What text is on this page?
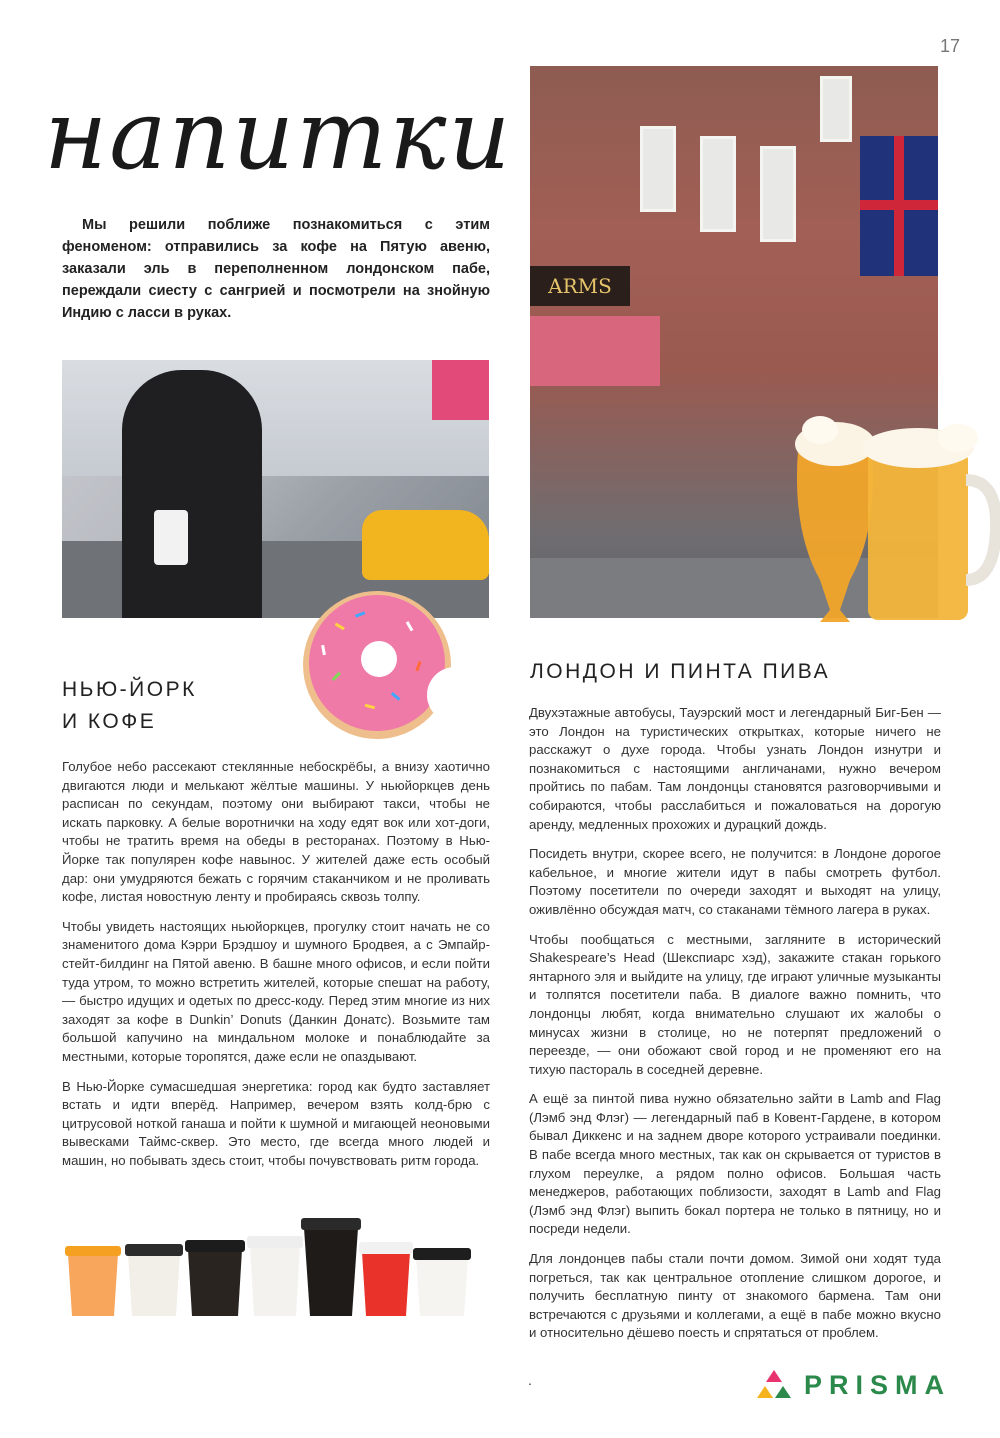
17
напитки

Мы решили поближе познакомиться с этим феноменом: отправились за кофе на Пятую авеню, заказали эль в переполненном лондонском пабе, переждали сиесту с сангрией и посмотрели на знойную Индию с ласси в руках.

ARMS
НЬЮ-ЙОРК
И КОФЕ

Голубое небо рассекают стеклянные небоскрёбы, а внизу хаотично двигаются люди и мелькают жёлтые машины. У ньюйоркцев день расписан по секундам, поэтому они выбирают такси, чтобы не искать парковку. А белые воротнички на ходу едят вок или хот-доги, чтобы не тратить время на обеды в ресторанах. Поэтому в Нью-Йорке так популярен кофе навынос. У жителей даже есть особый дар: они умудряются бежать с горячим стаканчиком и не проливать кофе, листая новостную ленту и пробираясь сквозь толпу.

Чтобы увидеть настоящих ньюйоркцев, прогулку стоит начать не со знаменитого дома Кэрри Брэдшоу и шумного Бродвея, а с Эмпайр-стейт-билдинг на Пятой авеню. В башне много офисов, и если пойти туда утром, то можно встретить жителей, которые спешат на работу, — быстро идущих и одетых по дресс-коду. Перед этим многие из них заходят за кофе в Dunkin’ Donuts (Данкин Донатс). Возьмите там большой капучино на миндальном молоке и понаблюдайте за местными, которые торопятся, даже если не опаздывают.

В Нью-Йорке сумасшедшая энергетика: город как будто заставляет встать и идти вперёд. Например, вечером взять колд-брю с цитрусовой ноткой ганаша и пойти к шумной и мигающей неоновыми вывесками Таймс-сквер. Это место, где всегда много людей и машин, но побывать здесь стоит, чтобы почувствовать ритм города.

ЛОНДОН И ПИНТА ПИВА

Двухэтажные автобусы, Тауэрский мост и легендарный Биг-Бен — это Лондон на туристических открытках, которые ничего не расскажут о духе города. Чтобы узнать Лондон изнутри и познакомиться с настоящими англичанами, нужно вечером пройтись по пабам. Там лондонцы становятся разговорчивыми и собираются, чтобы расслабиться и пожаловаться на дорогую аренду, медленных прохожих и дурацкий дождь.

Посидеть внутри, скорее всего, не получится: в Лондоне дорогое кабельное, и многие жители идут в пабы смотреть футбол. Поэтому посетители по очереди заходят и выходят на улицу, оживлённо обсуждая матч, со стаканами тёмного лагера в руках.

Чтобы пообщаться с местными, загляните в исторический Shakespeare’s Head (Шекспиарс хэд), закажите стакан горького янтарного эля и выйдите на улицу, где играют уличные музыканты и толпятся посетители паба. В диалоге важно помнить, что лондонцы любят, когда внимательно слушают их жалобы о минусах жизни в столице, но не потерпят предложений о переезде, — они обожают свой город и не променяют его на тихую пастораль в соседней деревне.

А ещё за пинтой пива нужно обязательно зайти в Lamb and Flag (Лэмб энд Флэг) — легендарный паб в Ковент-Гардене, в котором бывал Диккенс и на заднем дворе которого устраивали поединки. В пабе всегда много местных, так как он скрывается от туристов в глухом переулке, а рядом полно офисов. Большая часть менеджеров, работающих поблизости, заходят в Lamb and Flag (Лэмб энд Флэг) выпить бокал портера не только в пятницу, но и посреди недели.

Для лондонцев пабы стали почти домом. Зимой они ходят туда погреться, так как центральное отопление слишком дорогое, и получить бесплатную пинту от знакомого бармена. Там они встречаются с друзьями и коллегами, а ещё в пабе можно вкусно и относительно дёшево поесть и спрятаться от проблем.

.	PRISMA
